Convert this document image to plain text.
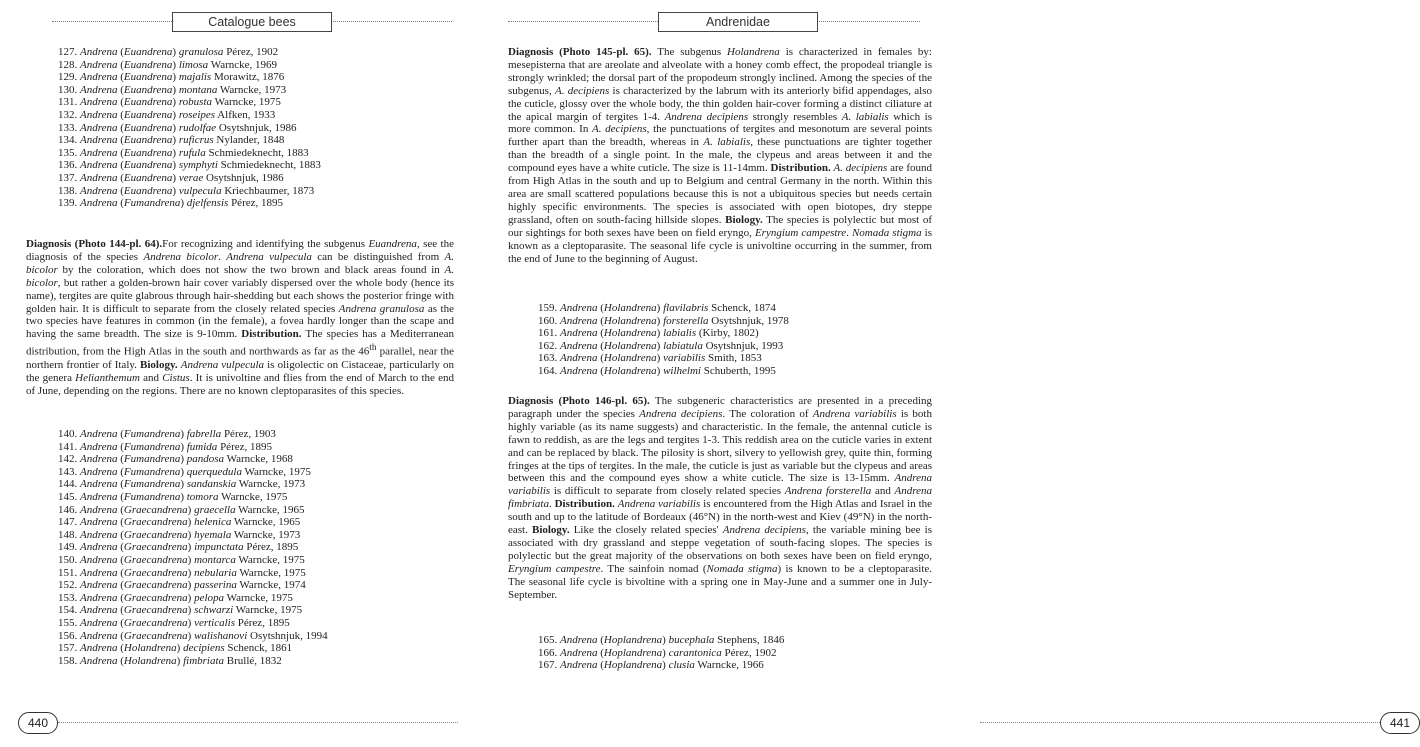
Catalogue bees
127. Andrena (Euandrena) granulosa Pérez, 1902
128. Andrena (Euandrena) limosa Warncke, 1969
129. Andrena (Euandrena) majalis Morawitz, 1876
130. Andrena (Euandrena) montana Warncke, 1973
131. Andrena (Euandrena) robusta Warncke, 1975
132. Andrena (Euandrena) roseipes Alfken, 1933
133. Andrena (Euandrena) rudolfae Osytshnjuk, 1986
134. Andrena (Euandrena) ruficrus Nylander, 1848
135. Andrena (Euandrena) rufula Schmiedeknecht, 1883
136. Andrena (Euandrena) symphyti Schmiedeknecht, 1883
137. Andrena (Euandrena) verae Osytshnjuk, 1986
138. Andrena (Euandrena) vulpecula Kriechbaumer, 1873
139. Andrena (Fumandrena) djelfensis Pérez, 1895

Diagnosis (Photo 144-pl. 64).For recognizing and identifying the subgenus Euandrena, see the diagnosis of the species Andrena bicolor. Andrena vulpecula can be distinguished from A. bicolor by the coloration, which does not show the two brown and black areas found in A. bicolor, but rather a golden-brown hair cover variably dispersed over the whole body (hence its name), tergites are quite glabrous through hair-shedding but each shows the posterior fringe with golden hair. It is difficult to separate from the closely related species Andrena granulosa as the two species have features in common (in the female), a fovea hardly longer than the scape and having the same breadth. The size is 9-10mm. Distribution. The species has a Mediterranean distribution, from the High Atlas in the south and northwards as far as the 46th parallel, near the northern frontier of Italy. Biology. Andrena vulpecula is oligolectic on Cistaceae, particularly on the genera Helianthemum and Cistus. It is univoltine and flies from the end of March to the end of June, depending on the regions. There are no known cleptoparasites of this species.

140. Andrena (Fumandrena) fabrella Pérez, 1903
141. Andrena (Fumandrena) fumida Pérez, 1895
142. Andrena (Fumandrena) pandosa Warncke, 1968
143. Andrena (Fumandrena) querquedula Warncke, 1975
144. Andrena (Fumandrena) sandanskia Warncke, 1973
145. Andrena (Fumandrena) tomora Warncke, 1975
146. Andrena (Graecandrena) graecella Warncke, 1965
147. Andrena (Graecandrena) helenica Warncke, 1965
148. Andrena (Graecandrena) hyemala Warncke, 1973
149. Andrena (Graecandrena) impunctata Pérez, 1895
150. Andrena (Graecandrena) montarca Warncke, 1975
151. Andrena (Graecandrena) nebularia Warncke, 1975
152. Andrena (Graecandrena) passerina Warncke, 1974
153. Andrena (Graecandrena) pelopa Warncke, 1975
154. Andrena (Graecandrena) schwarzi Warncke, 1975
155. Andrena (Graecandrena) verticalis Pérez, 1895
156. Andrena (Graecandrena) walishanovi Osytshnjuk, 1994
157. Andrena (Holandrena) decipiens Schenck, 1861
158. Andrena (Holandrena) fimbriata Brullé, 1832
440
Andrenidae
441

Diagnosis (Photo 145-pl. 65). The subgenus Holandrena is characterized in females by: mesepisterna that are areolate and alveolate with a honey comb effect, the propodeal triangle is strongly wrinkled; the dorsal part of the propodeum strongly inclined. Among the species of the subgenus, A. decipiens is characterized by the labrum with its anteriorly bifid appendages, also the cuticle, glossy over the whole body, the thin golden hair-cover forming a distinct ciliature at the apical margin of tergites 1-4. Andrena decipiens strongly resembles A. labialis which is more common. In A. decipiens, the punctuations of tergites and mesonotum are several points further apart than the breadth, whereas in A. labialis, these punctuations are tighter together than the breadth of a single point. In the male, the clypeus and areas between it and the compound eyes have a white cuticle. The size is 11-14mm. Distribution. A. decipiens are found from High Atlas in the south and up to Belgium and central Germany in the north. Within this area are small scattered populations because this is not a ubiquitous species but needs certain highly specific environments. The species is associated with open biotopes, dry steppe grassland, often on south-facing hillside slopes. Biology. The species is polylectic but most of our sightings for both sexes have been on field eryngo, Eryngium campestre. Nomada stigma is known as a cleptoparasite. The seasonal life cycle is univoltine occurring in the summer, from the end of June to the beginning of August.

159. Andrena (Holandrena) flavilabris Schenck, 1874
160. Andrena (Holandrena) forsterella Osytshnjuk, 1978
161. Andrena (Holandrena) labialis (Kirby, 1802)
162. Andrena (Holandrena) labiatula Osytshnjuk, 1993
163. Andrena (Holandrena) variabilis Smith, 1853
164. Andrena (Holandrena) wilhelmi Schuberth, 1995

Diagnosis (Photo 146-pl. 65). The subgeneric characteristics are presented in a preceding paragraph under the species Andrena decipiens. The coloration of Andrena variabilis is both highly variable (as its name suggests) and characteristic. In the female, the antennal cuticle is fawn to reddish, as are the legs and tergites 1-3. This reddish area on the cuticle varies in extent and can be replaced by black. The pilosity is short, silvery to yellowish grey, quite thin, forming fringes at the tips of tergites. In the male, the cuticle is just as variable but the clypeus and areas between this and the compound eyes show a white cuticle. The size is 13-15mm. Andrena variabilis is difficult to separate from closely related species Andrena forsterella and Andrena fimbriata. Distribution. Andrena variabilis is encountered from the High Atlas and Israel in the south and up to the latitude of Bordeaux (46°N) in the north-west and Kiev (49°N) in the north-east. Biology. Like the closely related species' Andrena decipiens, the variable mining bee is associated with dry grassland and steppe vegetation of south-facing slopes. The species is polylectic but the great majority of the observations on both sexes have been on field eryngo, Eryngium campestre. The sainfoin nomad (Nomada stigma) is known to be a cleptoparasite. The seasonal life cycle is bivoltine with a spring one in May-June and a summer one in July-September.

165. Andrena (Hoplandrena) bucephala Stephens, 1846
166. Andrena (Hoplandrena) carantonica Pérez, 1902
167. Andrena (Hoplandrena) clusia Warncke, 1966
